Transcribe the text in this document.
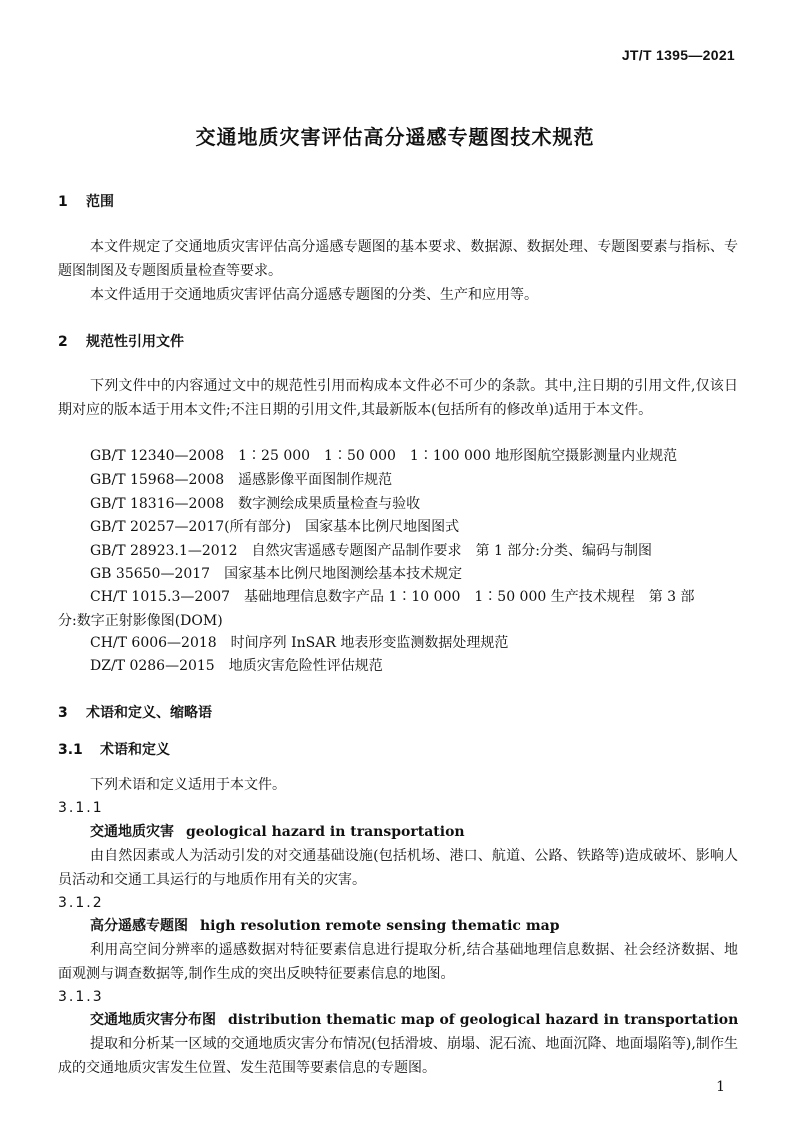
JT/T 1395—2021
交通地质灾害评估高分遥感专题图技术规范
1 范围
本文件规定了交通地质灾害评估高分遥感专题图的基本要求、数据源、数据处理、专题图要素与指标、专题图制图及专题图质量检查等要求。
本文件适用于交通地质灾害评估高分遥感专题图的分类、生产和应用等。
2 规范性引用文件
下列文件中的内容通过文中的规范性引用而构成本文件必不可少的条款。其中,注日期的引用文件,仅该日期对应的版本适于用本文件;不注日期的引用文件,其最新版本(包括所有的修改单)适用于本文件。
GB/T 12340—2008　1∶25 000　1∶50 000　1∶100 000 地形图航空摄影测量内业规范
GB/T 15968—2008　遥感影像平面图制作规范
GB/T 18316—2008　数字测绘成果质量检查与验收
GB/T 20257—2017(所有部分)　国家基本比例尺地图图式
GB/T 28923.1—2012　自然灾害遥感专题图产品制作要求　第 1 部分:分类、编码与制图
GB 35650—2017　国家基本比例尺地图测绘基本技术规定
CH/T 1015.3—2007　基础地理信息数字产品 1∶10 000　1∶50 000 生产技术规程　第 3 部分:数字正射影像图(DOM)
CH/T 6006—2018　时间序列 InSAR 地表形变监测数据处理规范
DZ/T 0286—2015　地质灾害危险性评估规范
3 术语和定义、缩略语
3.1 术语和定义
下列术语和定义适用于本文件。
3.1.1
交通地质灾害 geological hazard in transportation
由自然因素或人为活动引发的对交通基础设施(包括机场、港口、航道、公路、铁路等)造成破坏、影响人员活动和交通工具运行的与地质作用有关的灾害。
3.1.2
高分遥感专题图 high resolution remote sensing thematic map
利用高空间分辨率的遥感数据对特征要素信息进行提取分析,结合基础地理信息数据、社会经济数据、地面观测与调查数据等,制作生成的突出反映特征要素信息的地图。
3.1.3
交通地质灾害分布图 distribution thematic map of geological hazard in transportation
提取和分析某一区域的交通地质灾害分布情况(包括滑坡、崩塌、泥石流、地面沉降、地面塌陷等),制作生成的交通地质灾害发生位置、发生范围等要素信息的专题图。
1
